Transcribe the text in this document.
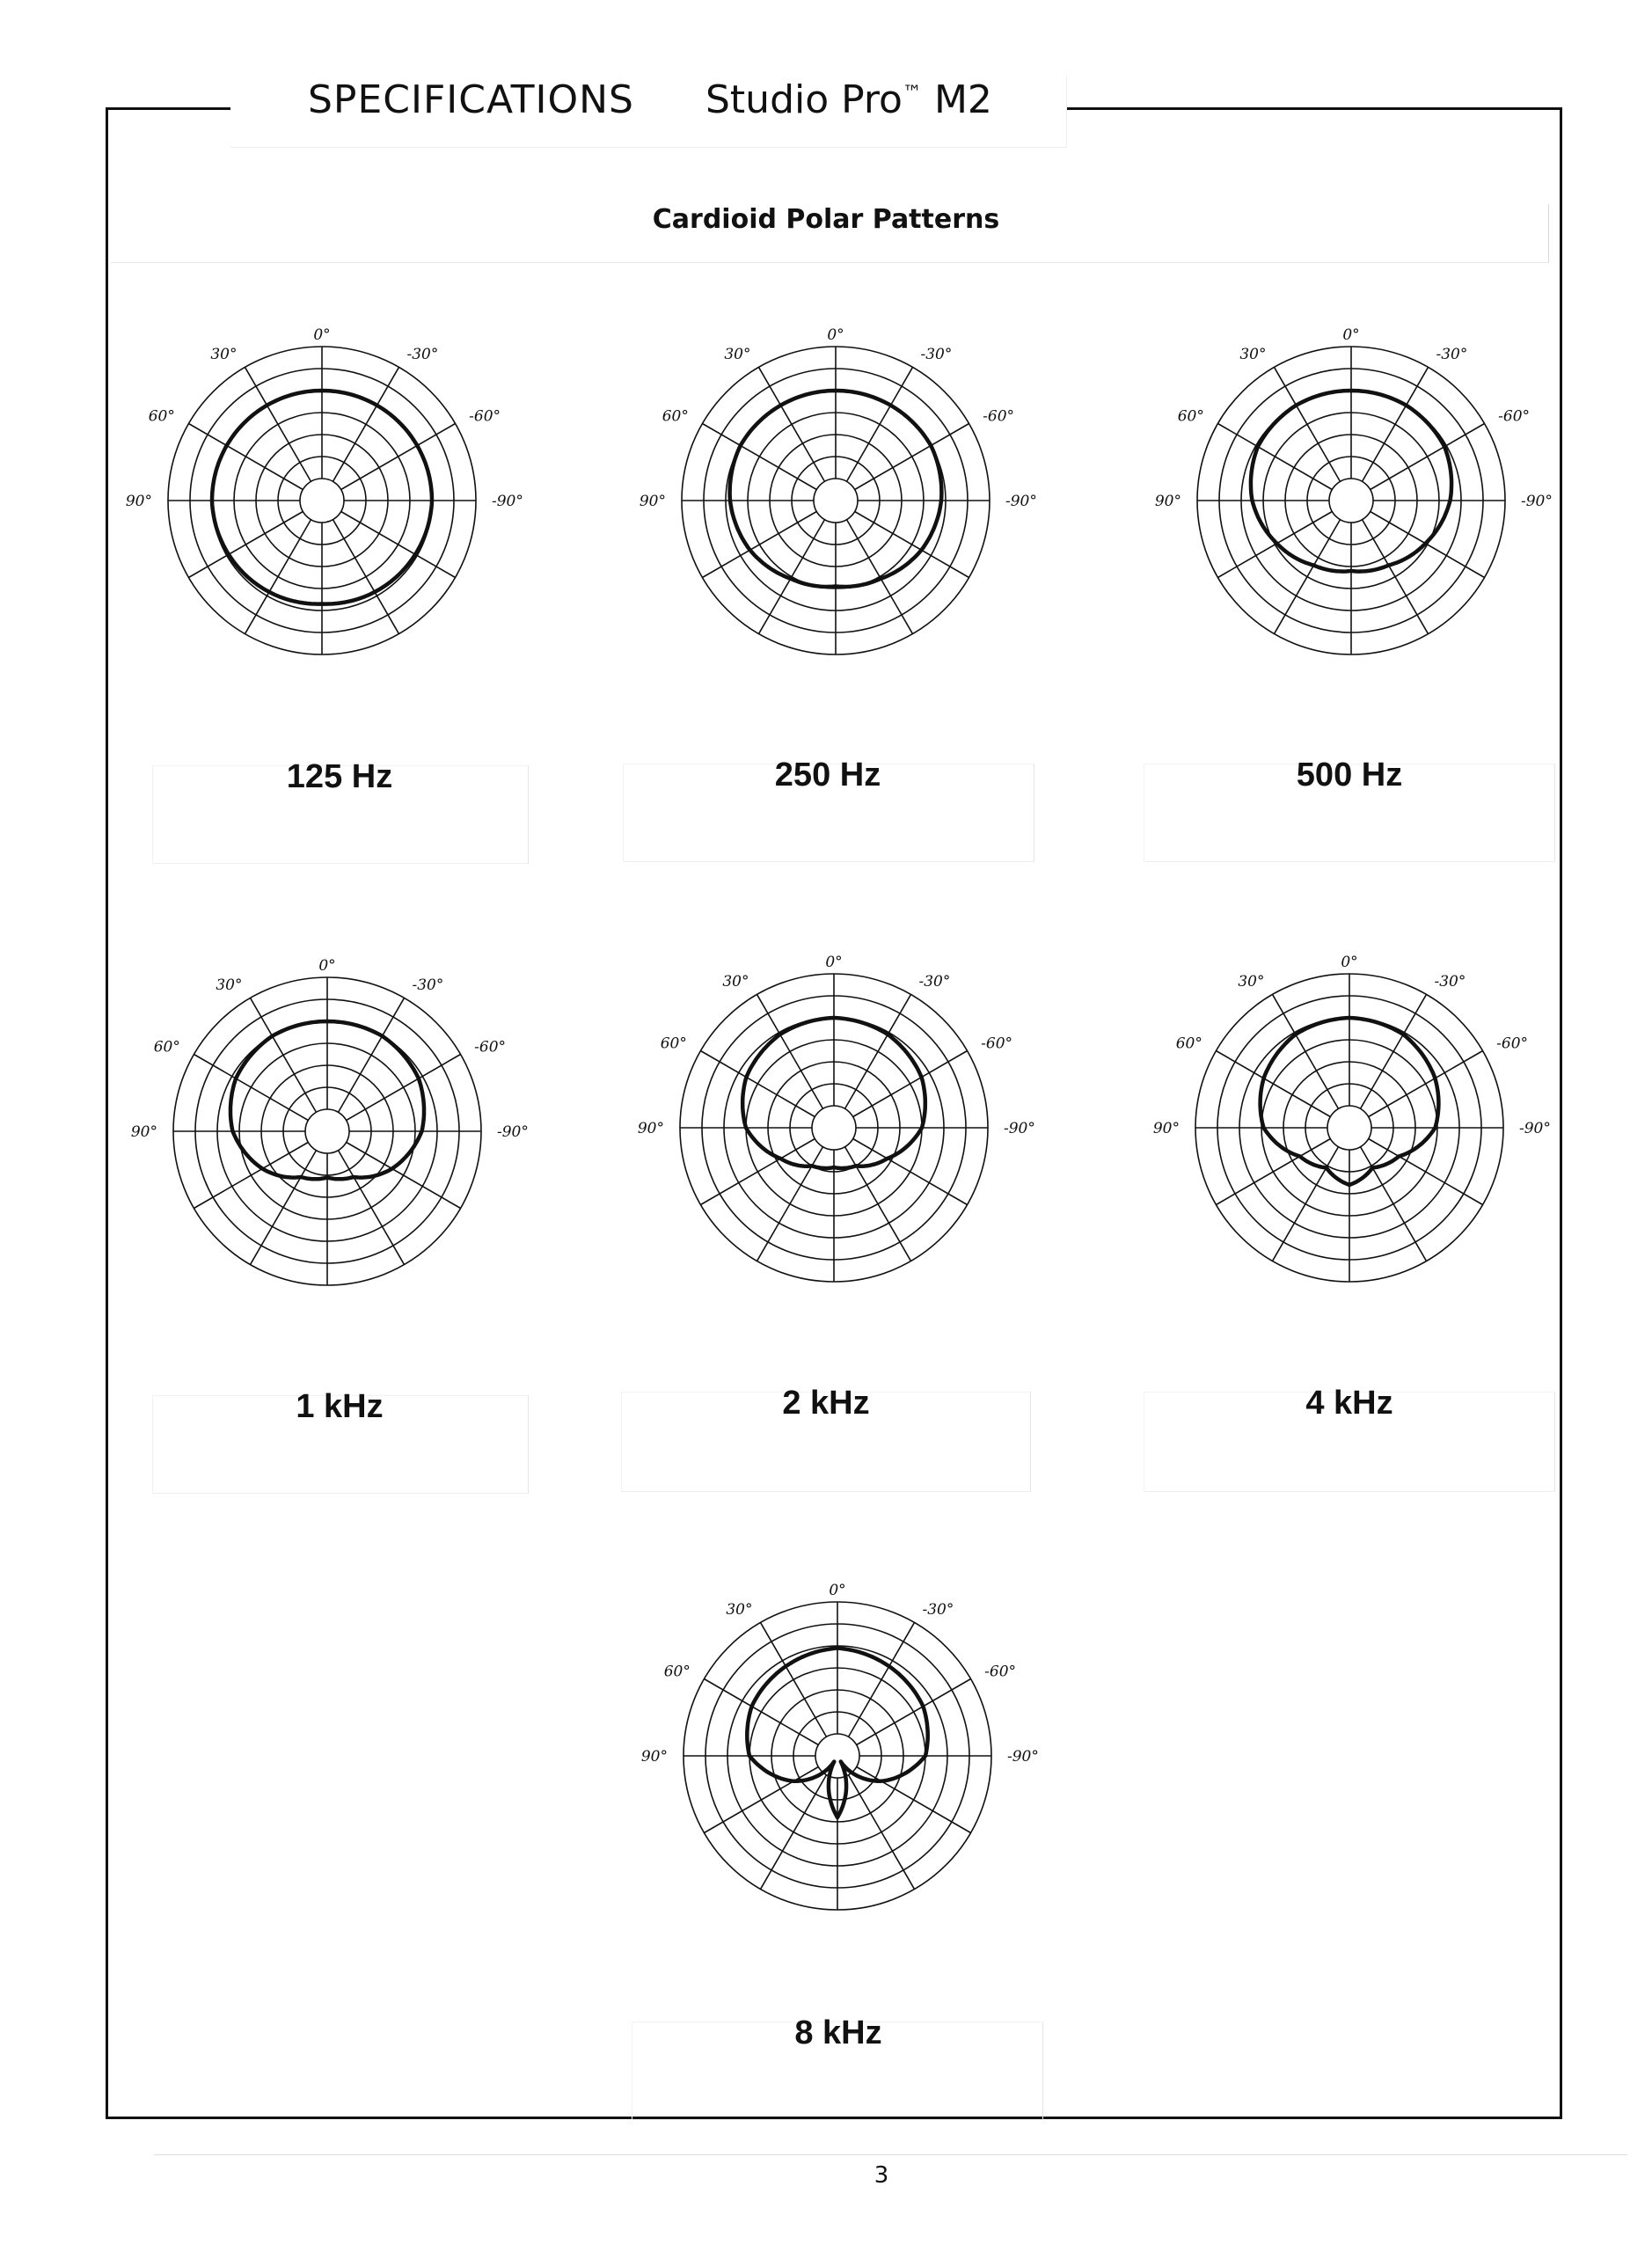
SPECIFICATIONS Studio Pro™ M2
Cardioid Polar Patterns
125 Hz	250 Hz	500 Hz
1 kHz	2 kHz	4 kHz
8 kHz
0°
30°	-30°
60°	-60°
90°	-90°
0°
30°	-30°
60°	-60°
90°	-90°
0°
30°	-30°
60°	-60°
90°	-90°
0°
30°	-30°
60°	-60°
90°	-90°
0°
30°	-30°
60°	-60°
90°	-90°
0°
30°	-30°
60°	-60°
90°	-90°
0°
30°	-30°
60°	-60°
90°	-90°
3
